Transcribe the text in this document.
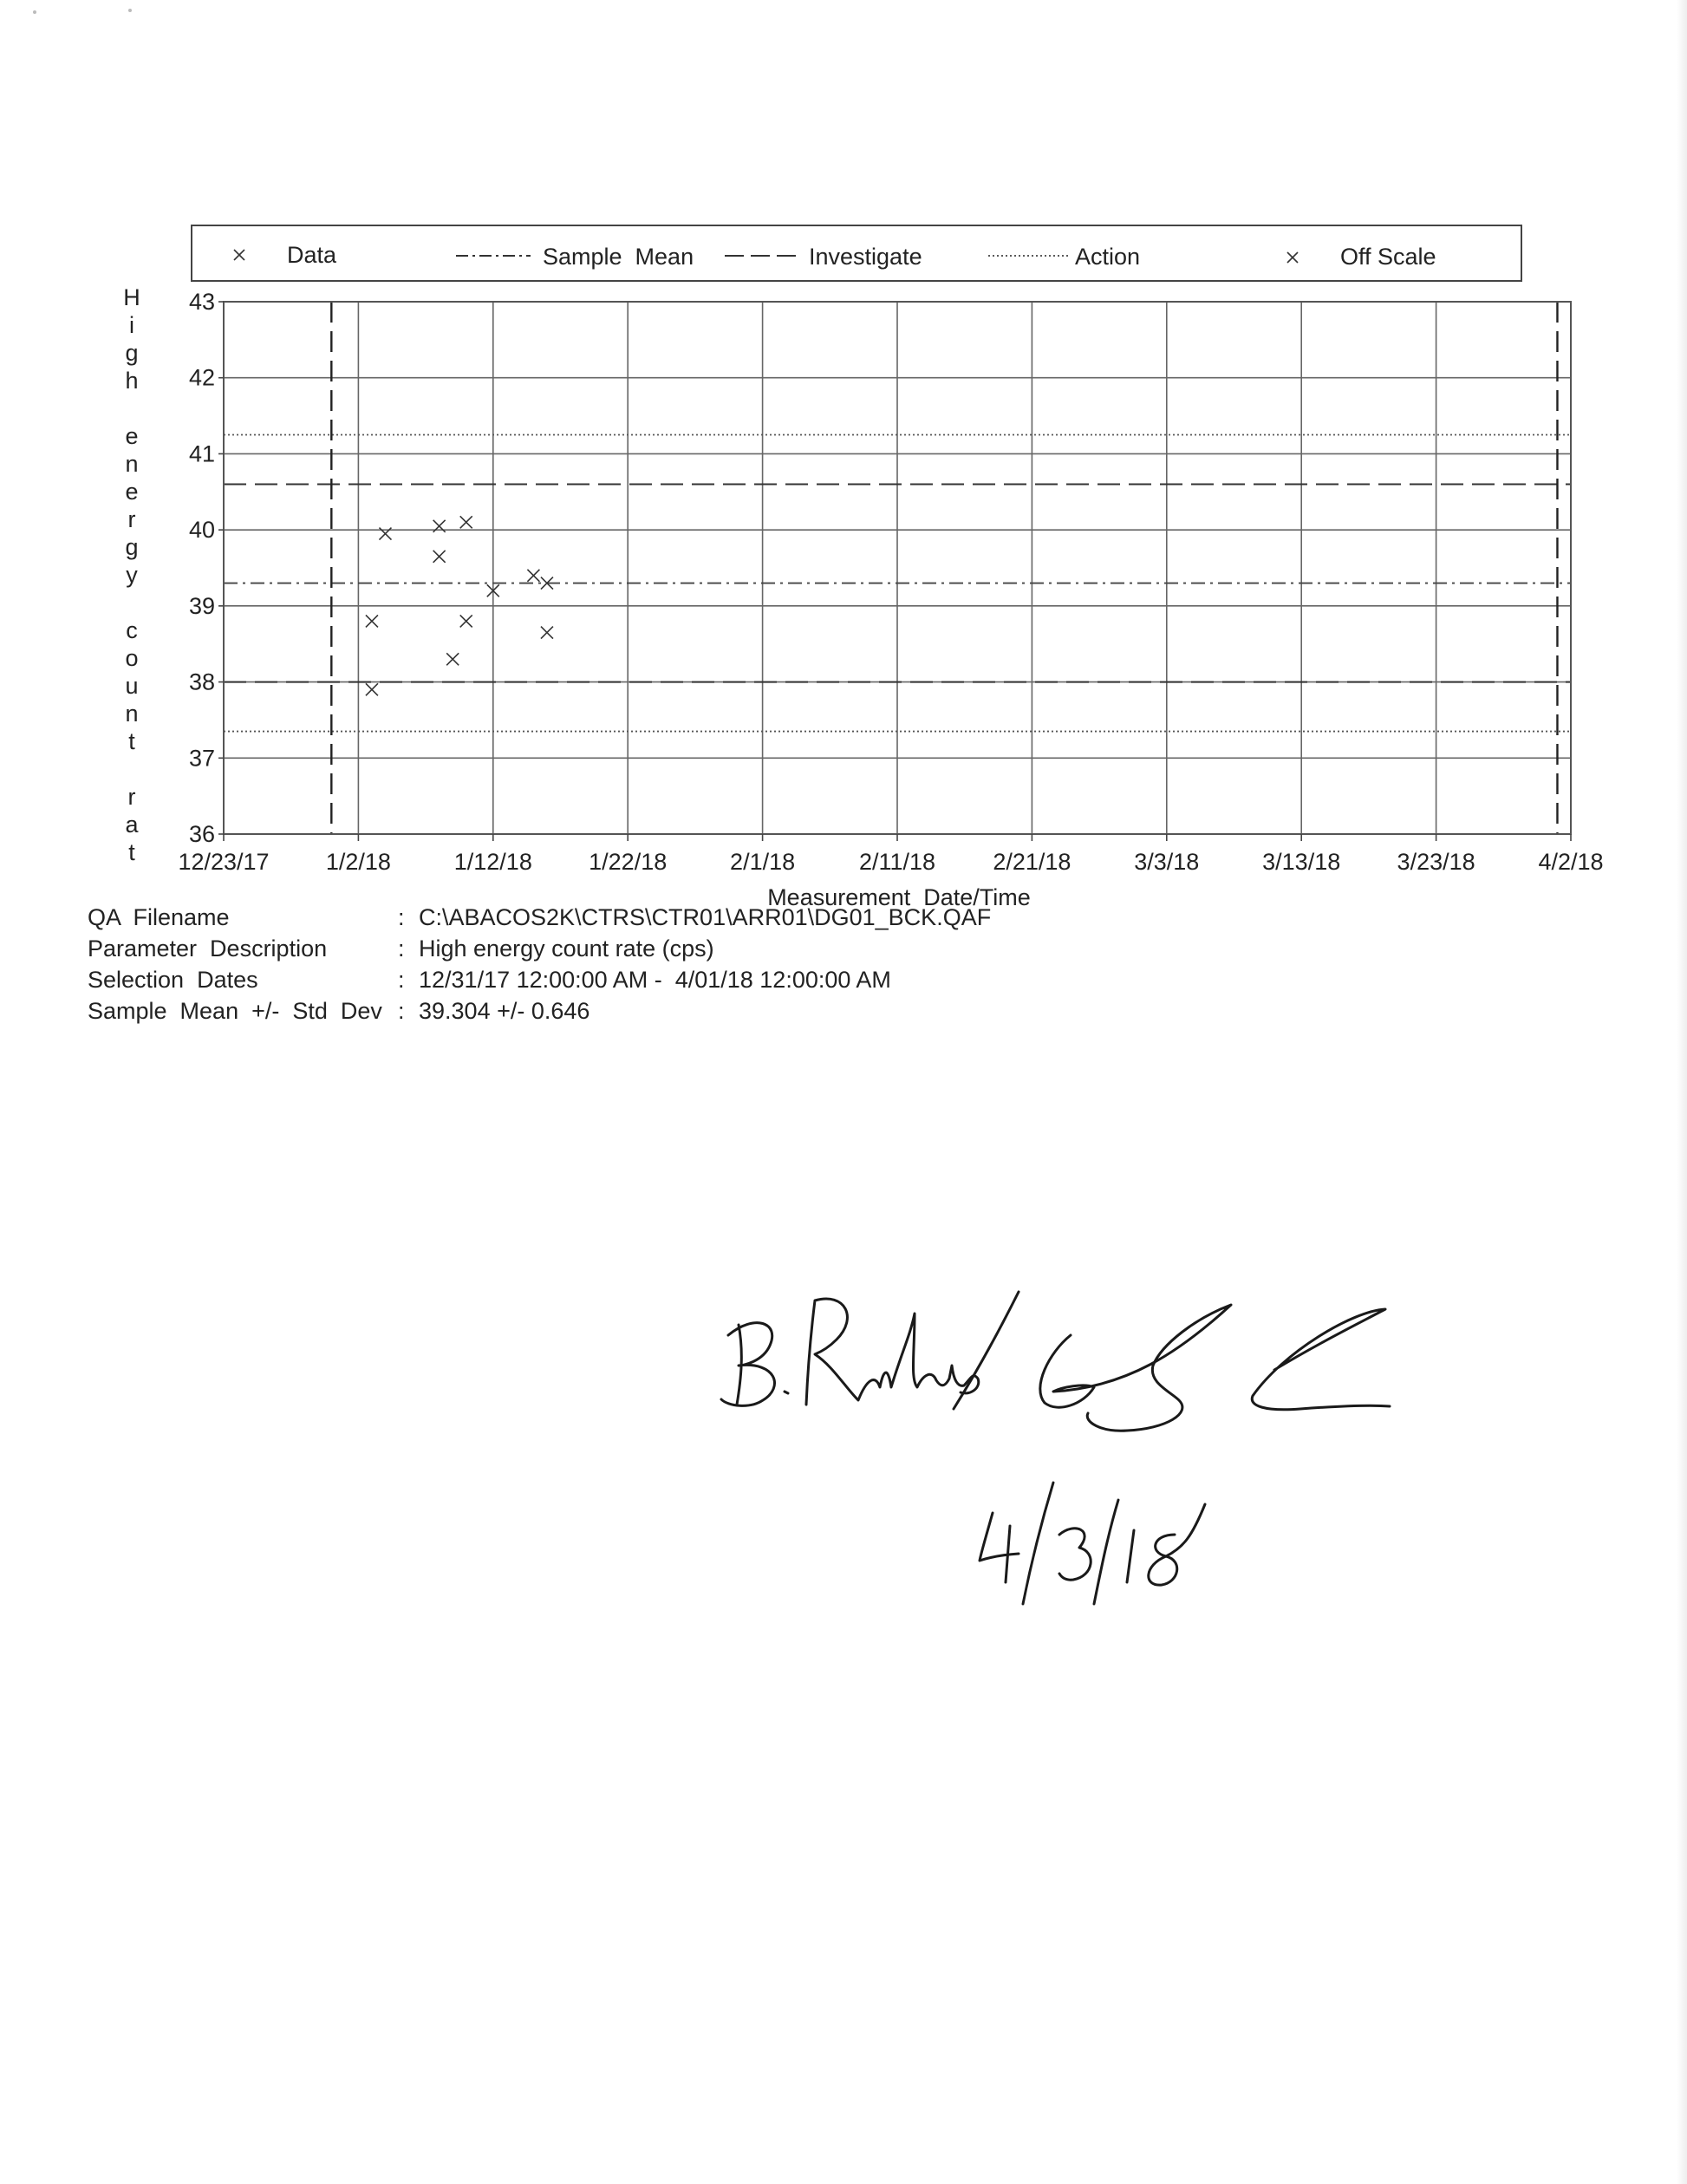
Data	Sample  Mean	Investigate	Action	Off Scale
H
i
g
h
e
n
e
r
g
y
c
o
u
n
t
r
a
t
36
37
38
39
40
41
42
43
12/23/17 1/2/18	1/12/18 1/22/18	2/1/18	2/11/18 2/21/18	3/3/18	3/13/18 3/23/18	4/2/18
Measurement  Date/Time
QA  Filename	: C:\ABACOS2K\CTRS\CTR01\ARR01\DG01_BCK.QAF
Parameter  Description	: High energy count rate (cps)
Selection  Dates	: 12/31/17 12:00:00 AM -  4/01/18 12:00:00 AM
Sample  Mean  +/-  Std  Dev : 39.304 +/- 0.646
